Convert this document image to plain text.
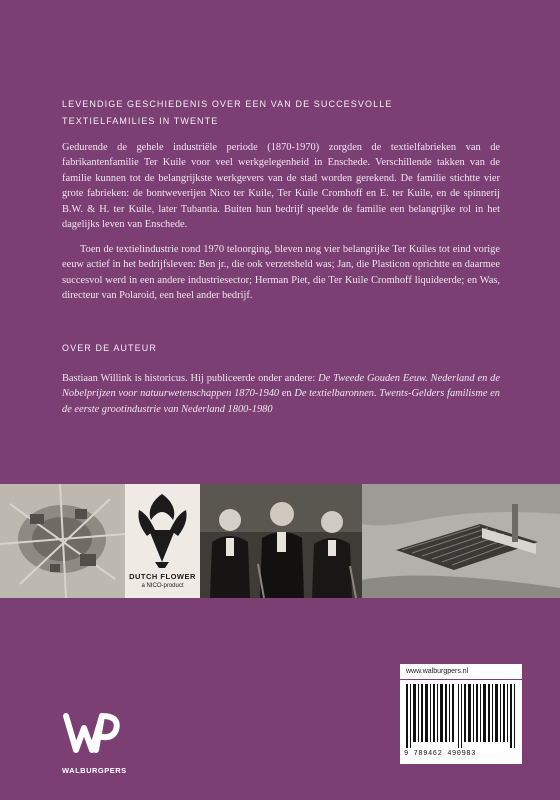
LEVENDIGE GESCHIEDENIS OVER EEN VAN DE SUCCESVOLLE TEXTIELFAMILIES IN TWENTE

Gedurende de gehele industriële periode (1870-1970) zorgden de textielfabrieken van de fabrikantenfamilie Ter Kuile voor veel werkgelegenheid in Enschede. Verschillende takken van de familie kunnen tot de belangrijkste werkgevers van de stad worden gerekend. De familie stichtte vier grote fabrieken: de bontweverijen Nico ter Kuile, Ter Kuile Cromhoff en E. ter Kuile, en de spinnerij B.W. & H. ter Kuile, later Tubantia. Buiten hun bedrijf speelde de familie een belangrijke rol in het dagelijks leven van Enschede.

Toen de textielindustrie rond 1970 teloorging, bleven nog vier belangrijke Ter Kuiles tot eind vorige eeuw actief in het bedrijfsleven: Ben jr., die ook verzetsheld was; Jan, die Plasticon oprichtte en daarmee succesvol werd in een andere industriesector; Herman Piet, die Ter Kuile Cromhoff liquideerde; en Was, directeur van Polaroid, een heel ander bedrijf.

OVER DE AUTEUR

Bastiaan Willink is historicus. Hij publiceerde onder andere: De Tweede Gouden Eeuw. Nederland en de Nobelprijzen voor natuurwetenschappen 1870-1940 en De textielbaronnen. Twents-Gelders familisme en de eerste grootindustrie van Nederland 1800-1980

DUTCH FLOWER
a NICO-product
www.walburgpers.nl
9 789462 490983
WALBURGPERS
